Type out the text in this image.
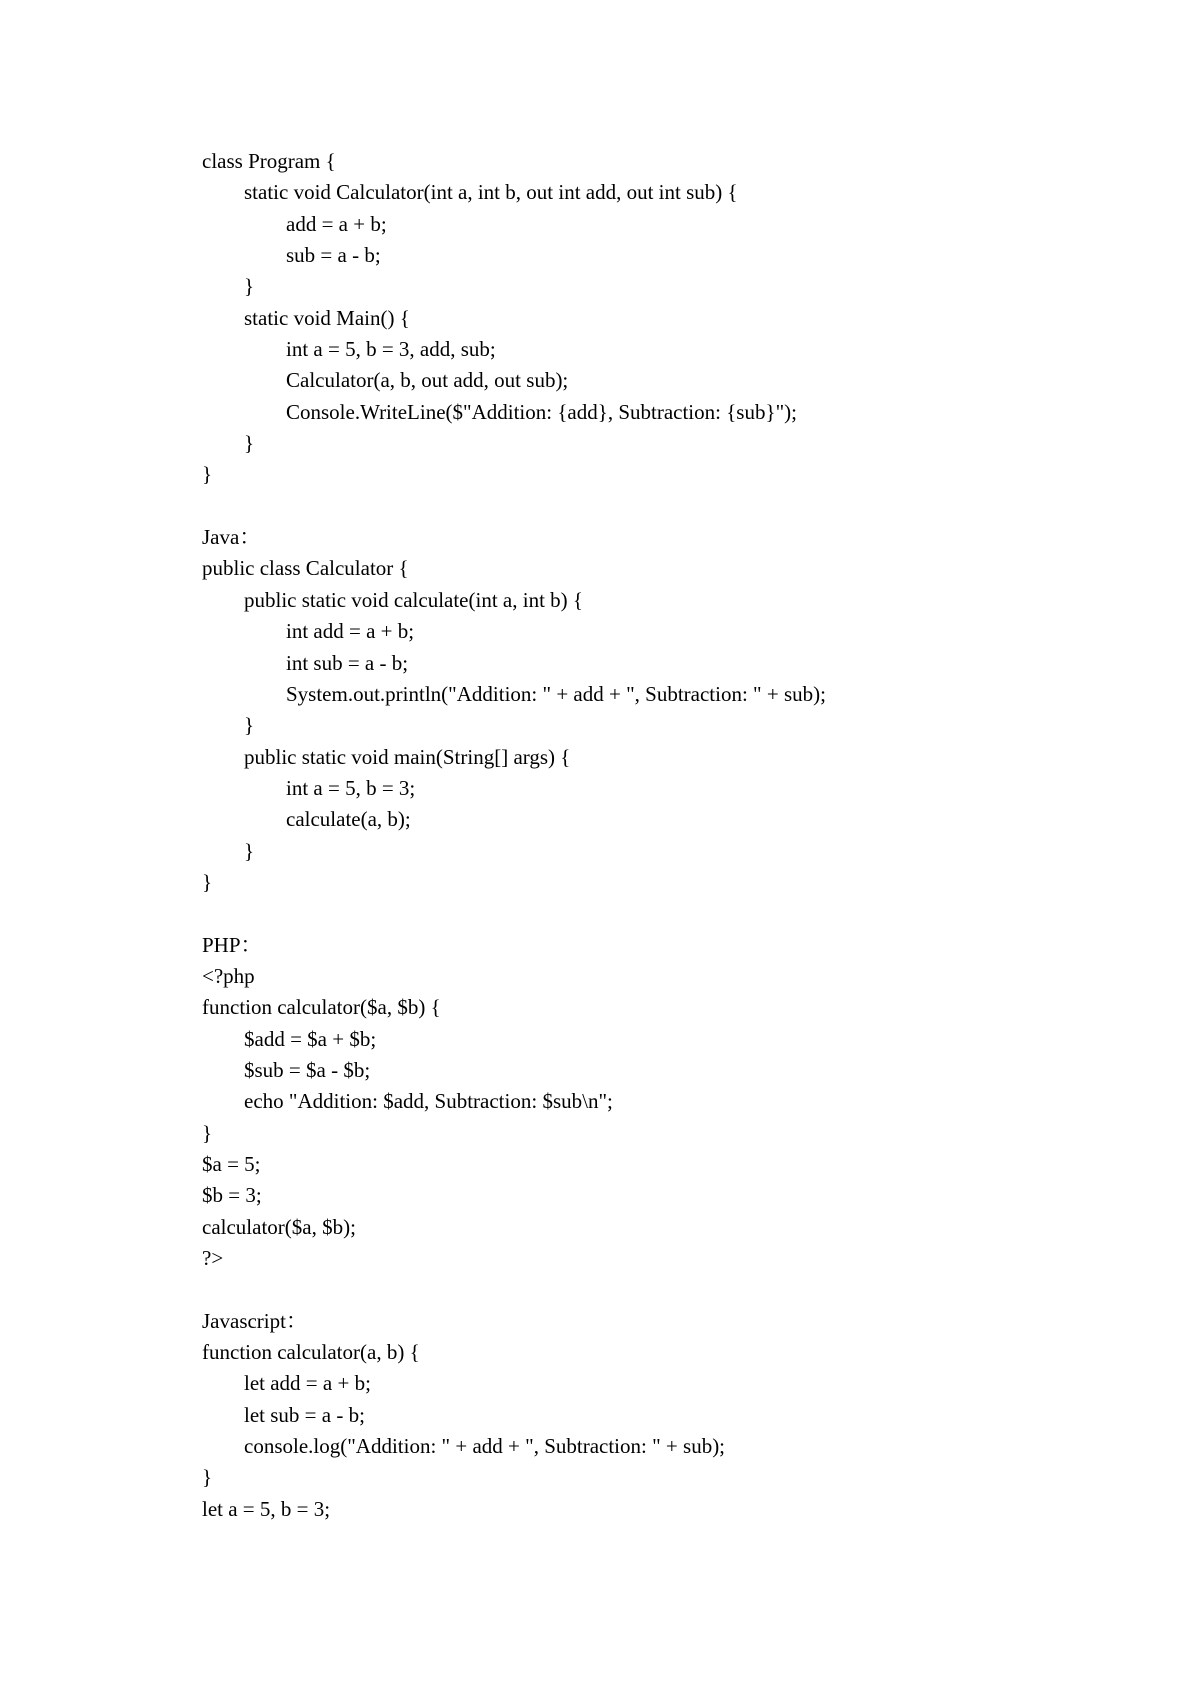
class Program {
static void Calculator(int a, int b, out int add, out int sub) {
add = a + b;
sub = a - b;
}
static void Main() {
int a = 5, b = 3, add, sub;
Calculator(a, b, out add, out sub);
Console.WriteLine($"Addition: {add}, Subtraction: {sub}");
}
}
Java：
public class Calculator {
public static void calculate(int a, int b) {
int add = a + b;
int sub = a - b;
System.out.println("Addition: " + add + ", Subtraction: " + sub);
}
public static void main(String[] args) {
int a = 5, b = 3;
calculate(a, b);
}
}
PHP：
<?php
function calculator($a, $b) {
$add = $a + $b;
$sub = $a - $b;
echo "Addition: $add, Subtraction: $sub\n";
}
$a = 5;
$b = 3;
calculator($a, $b);
?>
Javascript：
function calculator(a, b) {
let add = a + b;
let sub = a - b;
console.log("Addition: " + add + ", Subtraction: " + sub);
}
let a = 5, b = 3;
